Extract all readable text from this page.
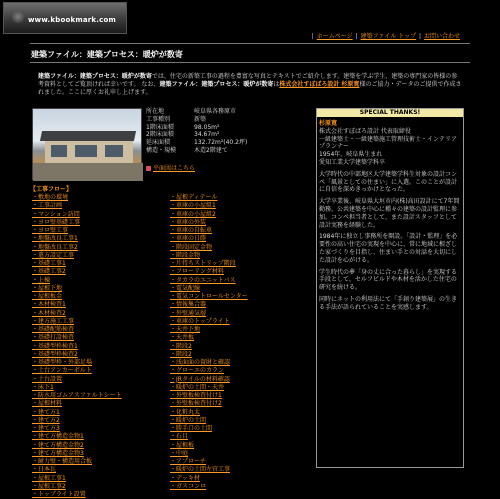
www.kbookmark.com
| ホームページ | 建築ファイル トップ | お問い合わせ
建築ファイル：建築プロセス：暖炉が数寄
建築ファイル：建築プロセス：暖炉が数寄では、住宅の新築工事の過程を豊富な写真とテキストでご紹介します。建築を学ぶ学生、建築の専門家の皆様の参考資料としてご覧頂ければ幸いです。 なお、建築ファイル：建築プロセス：暖炉が数寄は株式会社すぽばろ設計 杉原寛様のご協力・データのご提供で作成されました。ここに厚くお礼申し上げます。
所在地	岐阜県各務原市
工事種別	新築
1階床面積	98.05m²
2階床面積	34.67m²
延床面積	132.72m²(40.2坪)
構造・規模	木造2階建て
平面図はこちら
SPECIAL THANKS!

杉原寛
株式会社すぽばろ設計 代表取締役
一級建築士・一級建築施工管理技術士・インテリアプランナー
1954年、岐阜県生まれ
愛知工業大学建築学科卒

大学時代の中部地区大学建築学科生対象の設計コンペ「風景としての住まい」に入選。このことが設計に自信を深めきっかけとなった。

大学卒業後、岐阜県大垣市内(株)高田設計にて7年間勤務。公共建築を中心に種々の建築の設計監理に参加。コンペ担当者として、また設計スタッフとして設計実務を経験した。

1984年に独立し事務所を開設。「設計・監理」を必要性の高い住宅の実現を中心に、常に地域に根ざした家づくりを目指し、住まい手との対話を大切にした設計を心がける。

学生時代の夢「身の丈に合った暮らし」を実現する手段として、セルフビルドや木材を活かした住宅の研究を続ける。

同時にネットの利用法にて「手創り建築展」の生きる手法が語られていることを実感します。

【工事フロー】
・敷地の環境
・工事計画
・マンション訪問
・ヨロ壁基礎工事
・ヨロ壁工事
・地盤改良工事1
・地盤改良工事2
・遣方設定工事
・基礎工事1
・基礎工事2
・上棟
・屋根下地
・屋根板金
・木材検査1
・木材検査2
・建方施工工事
・基礎配筋検査
・基礎打設検査
・基礎型枠検査1
・基礎型枠検査2
・基礎型枠・外部足場
・土台アンカーボルト
・土台設置
・床下1
・防水用ゴムアスファルトシート
・屋根材料
・建て方1
・建て方2
・建て方3
・建て方構造金物1
・建て方構造金物2
・建て方構造金物3
・耐力壁・構造用合板
・日本瓦
・屋根工事1
・屋根工事2
・トップライト設置
・屋根ディテール
・車庫の小屋組1
・車庫の小屋組2
・車庫の外装
・車庫の自転車
・車庫の日蔭
・階段固定金物
・階段金物
・片持ちストリップ階段
・フローリング材料
・タカラのユニットバス
・電気配線
・電気コントロールセンター
・情報集合器
・外壁通気層
・車庫のトップライト
・天井下地
・天井板
・階段2
・階段2
・浅面面の資財と確認
・グローエのカラン
・JRタイルの材料確認
・暖炉の土間・天井
・外壁板検査付け1
・外壁板検査付け2
・化粧丸太
・暖炉の土間
・勝手口の土間
・石目
・屋根板
・中庭
・アプローチ
・暖炉の土間左官工事
・デッキ材
・ガスコンロ
